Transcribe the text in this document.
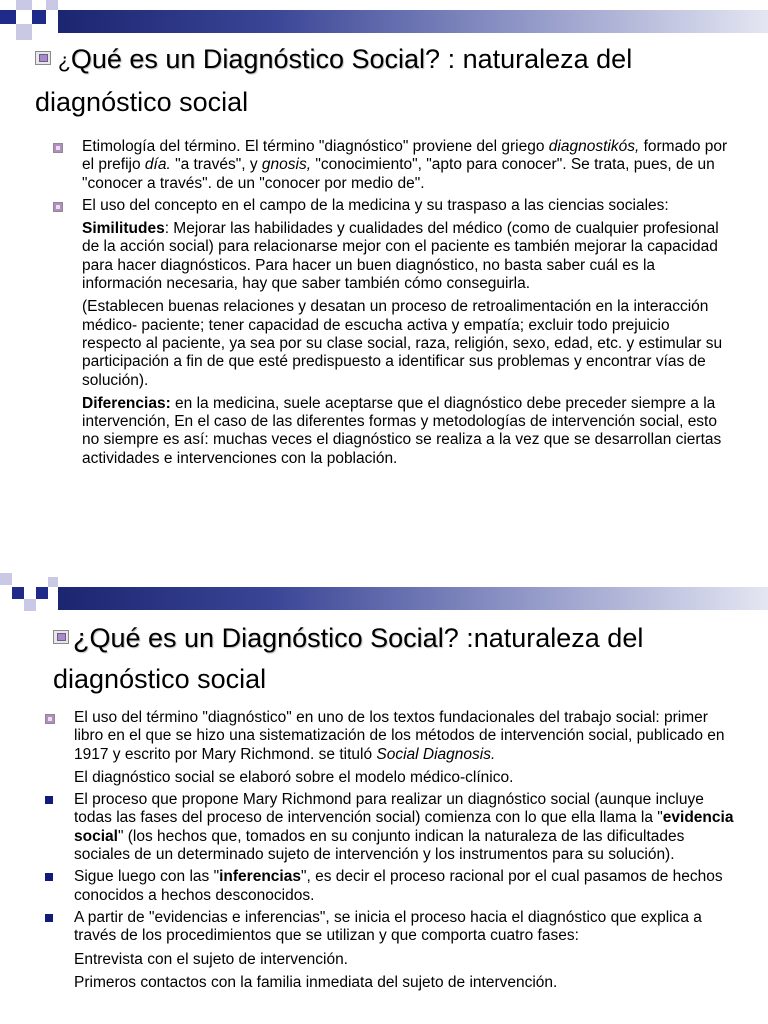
¿Qué es un Diagnóstico Social? : naturaleza del
diagnóstico social

Etimología del término. El término "diagnóstico" proviene del griego diagnostikós, formado por el prefijo día. "a través", y gnosis, "conocimiento", "apto para conocer". Se trata, pues, de un "conocer a través". de un "conocer por medio de".

El uso del concepto en el campo de la medicina y su traspaso a las ciencias sociales:

Similitudes: Mejorar las habilidades y cualidades del médico (como de cualquier profesional de la acción social) para relacionarse mejor con el paciente es también mejorar la capacidad para hacer diagnósticos. Para hacer un buen diagnóstico, no basta saber cuál es la información necesaria, hay que saber también cómo conseguirla.

(Establecen buenas relaciones y desatan un proceso de retroalimentación en la interacción médico- paciente; tener capacidad de escucha activa y empatía; excluir todo prejuicio respecto al paciente, ya sea por su clase social, raza, religión, sexo, edad, etc. y estimular su participación a fin de que esté predispuesto a identificar sus problemas y encontrar vías de solución).

Diferencias: en la medicina, suele aceptarse que el diagnóstico debe preceder siempre a la intervención, En el caso de las diferentes formas y metodologías de intervención social, esto no siempre es así: muchas veces el diagnóstico se realiza a la vez que se desarrollan ciertas actividades e intervenciones con la población.

¿Qué es un Diagnóstico Social? :naturaleza del
diagnóstico social

El uso del término "diagnóstico" en uno de los textos fundacionales del trabajo social: primer libro en el que se hizo una sistematización de los métodos de intervención social, publicado en 1917 y escrito por Mary Richmond. se tituló Social Diagnosis.

El diagnóstico social se elaboró sobre el modelo médico-clínico.

El proceso que propone Mary Richmond para realizar un diagnóstico social (aunque incluye todas las fases del proceso de intervención social) comienza con lo que ella llama la "evidencia social" (los hechos que, tomados en su conjunto indican la naturaleza de las dificultades sociales de un determinado sujeto de intervención y los instrumentos para su solución).

Sigue luego con las "inferencias", es decir el proceso racional por el cual pasamos de hechos conocidos a hechos desconocidos.

A partir de "evidencias e inferencias", se inicia el proceso hacia el diagnóstico que explica a través de los procedimientos que se utilizan y que comporta cuatro fases:

Entrevista con el sujeto de intervención.

Primeros contactos con la familia inmediata del sujeto de intervención.
